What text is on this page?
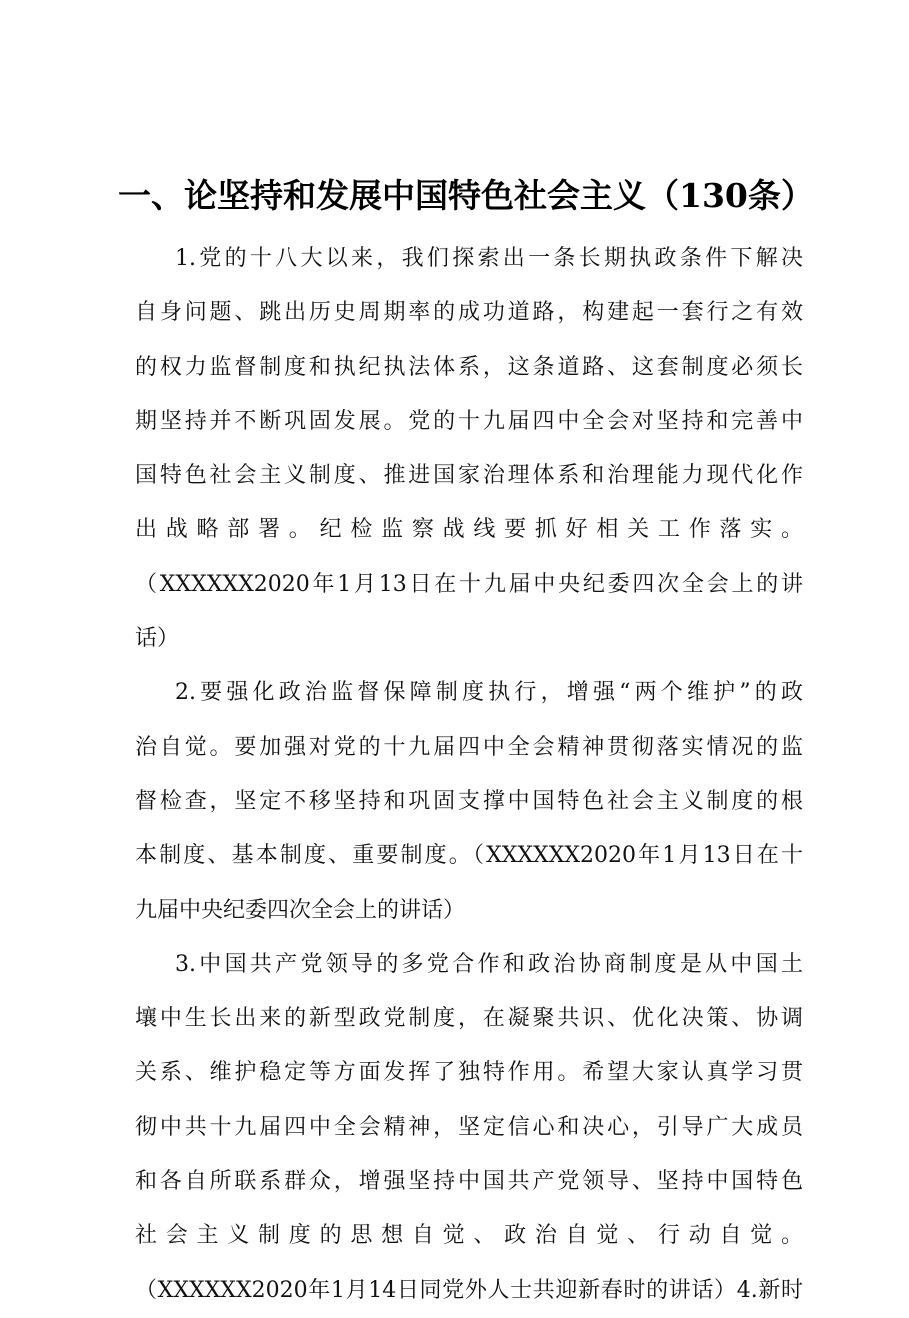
一、论坚持和发展中国特色社会主义（130条）
1.党的十八大以来，我们探索出一条长期执政条件下解决
自身问题、跳出历史周期率的成功道路，构建起一套行之有效
的权力监督制度和执纪执法体系，这条道路、这套制度必须长
期坚持并不断巩固发展。党的十九届四中全会对坚持和完善中
国特色社会主义制度、推进国家治理体系和治理能力现代化作
出战略部署。纪检监察战线要抓好相关工作落实。
（XXXXXX2020年1月13日在十九届中央纪委四次全会上的讲
话）
2.要强化政治监督保障制度执行，增强“两个维护”的政
治自觉。要加强对党的十九届四中全会精神贯彻落实情况的监
督检查，坚定不移坚持和巩固支撑中国特色社会主义制度的根
本制度、基本制度、重要制度。（XXXXXX2020年1月13日在十
九届中央纪委四次全会上的讲话）
3.中国共产党领导的多党合作和政治协商制度是从中国土
壤中生长出来的新型政党制度，在凝聚共识、优化决策、协调
关系、维护稳定等方面发挥了独特作用。希望大家认真学习贯
彻中共十九届四中全会精神，坚定信心和决心，引导广大成员
和各自所联系群众，增强坚持中国共产党领导、坚持中国特色
社会主义制度的思想自觉、政治自觉、行动自觉。
（XXXXXX2020年1月14日同党外人士共迎新春时的讲话）4.新时
